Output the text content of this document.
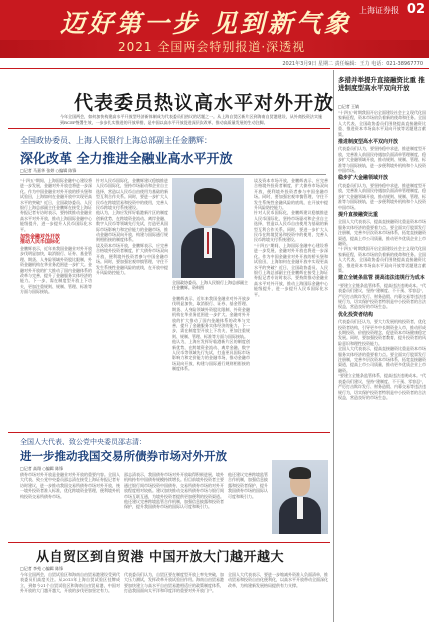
迈好第一步 见到新气象
2021 全国两会特别报道·深透视
上海证券报 02
2021年3月9日 星期二 责任编辑：王力 电话：021-38967770
代表委员热议高水平对外开放
今年全国两会，如何加快构建高水平开放型经济新体制成为代表委员们热议的话题之一。从上海自贸区新片区到海南自贸港建设，从外商投资法实施到RCEP签署生效，一步步扎实推进的开放举措，是中国以高水平开放促进深层次改革、推动高质量发展的生动注脚。
全国政协委员、上海人民银行上海总部副主任金鹏辉：
深化改革 全力推进全融业高水平开放
□记者 马嘉华 张婷 ○编辑 陈锋
"十四五"期间，上海国际金融中心建设将进一步发展，金融对外开放也将进一步深化。作为中国金融业对外开放的桥头堡和试验田，上海如何在金融开放中实现更高水平的突破？近日，全国政协委员、人民银行上海总部副主任金鹏辉在接受上海证券报记者专访时表示，要持续推动金融业高水平对外开放，推动上海国际金融中心能级提升，进一步提升人民币国际化水平。
加快金融对外开放
推动人民币国际化
金鹏辉表示，近年来我国金融业对外开放步伐明显加快，取消银行、证券、基金管理、期货、人身险领域外资股比限制，外资金融机构在华业务范围进一步扩大。金融对外开放的扩大推动了国内金融体系的改革与完善，提升了金融服务实体经济的能力。下一步，需在制度型开放上下功夫，更加注重规则、规制、管理、标准等方面与国际接轨。
针对人民币国际化，金鹏辉建议稳慎推进人民币国际化，坚持市场驱动和企业自主选择，营造以人民币自由使用为基础的新型互利合作关系。同时，要进一步扩大人民币在跨境贸易和投资中的使用，完善人民币跨境支付系统建设。
他认为，上海应发挥好临港新片区的制度创新优势，在跨境资金流动、离岸金融、数字人民币等领域先行先试，打造更具国际市场影响力和定价能力的金融市场，推动金融市场双向开放，构建与国际通行规则相衔接的制度体系。
谈及资本市场开放，金鹏辉表示，应完善合格境外投资者制度，扩大债券市场双向开放，便利境外投资者参与中国金融市场。同时，要加强宏观审慎管理，守住不发生系统性金融风险的底线，在开放中提升风险防控能力。
全国政协委员、上海人民银行上海总部副主任金鹏辉。资料图
金鹏辉表示，近年来我国金融业对外开放步伐明显加快，取消银行、证券、基金管理、期货、人身险领域外资股比限制，外资金融机构在华业务范围进一步扩大。金融对外开放的扩大推动了国内金融体系的改革与完善，提升了金融服务实体经济的能力。下一步，需在制度型开放上下功夫，更加注重规则、规制、管理、标准等方面与国际接轨。
他认为，上海应发挥好临港新片区的制度创新优势，在跨境资金流动、离岸金融、数字人民币等领域先行先试，打造更具国际市场影响力和定价能力的金融市场，推动金融市场双向开放，构建与国际通行规则相衔接的制度体系。
谈及资本市场开放，金鹏辉表示，应完善合格境外投资者制度，扩大债券市场双向开放，便利境外投资者参与中国金融市场。同时，要加强宏观审慎管理，守住不发生系统性金融风险的底线，在开放中提升风险防控能力。
针对人民币国际化，金鹏辉建议稳慎推进人民币国际化，坚持市场驱动和企业自主选择，营造以人民币自由使用为基础的新型互利合作关系。同时，要进一步扩大人民币在跨境贸易和投资中的使用，完善人民币跨境支付系统建设。
"十四五"期间，上海国际金融中心建设将进一步发展，金融对外开放也将进一步深化。作为中国金融业对外开放的桥头堡和试验田，上海如何在金融开放中实现更高水平的突破？近日，全国政协委员、人民银行上海总部副主任金鹏辉在接受上海证券报记者专访时表示，要持续推动金融业高水平对外开放，推动上海国际金融中心能级提升，进一步提升人民币国际化水平。
全国人大代表、致公党中央委员邵志清：
进一步推动我国交易所债券市场对外开放
□记者 高翔 ○编辑 陈锋
债券市场对外开放是金融业对外开放的重要内容。全国人大代表、致公党中央委员邵志清在接受上海证券报记者专访时建议，进一步推动我国交易所债券市场对外开放，统一境外投资者准入标准，优化跨境资金管理，便利境外机构投资交易所债券市场。
邵志清表示，我国债券市场对外开放取得积极进展，境外机构持有中国债券规模持续增长。但目前境外投资者主要通过银行间市场投资中国债券，交易所债券市场的对外开放程度相对较低。建议加快推动交易所债券市场与银行间市场互联互通，为境外投资者提供更加便利的投资渠道。
他还建议完善跨境监管合作机制，加强信息披露和投资者保护，提升我国债券市场的国际认可度和吸引力。
他还建议完善跨境监管合作机制，加强信息披露和投资者保护，提升我国债券市场的国际认可度和吸引力。
从自贸区到自贸港 中国开放大门越开越大
□记者 李苑 ○编辑 陈锋
今年全国两会，自贸试验区和海南自由贸易港建设受到代表委员们高度关注。从2013年上海自贸试验区挂牌成立，到如今21个自贸试验区和海南自由贸易港，中国对外开放的大门越开越大，开放的步伐更加坚定有力。
代表委员们认为，自贸区要在制度型开放上率先突破，加大压力测试，发挥改革开放试验田作用。海南自由贸易港要加快建立与高水平自由贸易港相适应的政策制度体系，打造我国面向太平洋和印度洋的重要对外开放门户。
全国人大代表表示，要进一步缩减外资准入负面清单，推动贸易和投资自由化便利化，以高水平开放带动全面深化改革，为构建新发展格局提供有力支撑。
多措并举提升直接融资比重 推进制度型高水平双向开放
□记者 王婧
"十四五"时期我国开启全面建设社会主义现代化国家新征程，资本市场肩负着新的使命和任务。全国人大代表、全国政协委员们围绕提高直接融资比重、推进资本市场高水平双向开放等话题建言献策。
推进制度型高水平双向开放
代表委员们认为，要坚持稳中求进，推进制度型开放，完善准入前国民待遇加负面清单管理制度，稳步扩大金融领域开放，推动规则、规制、管理、标准等与国际接轨，进一步便利境外机构和个人投资中国市场。
稳步扩大金融领域开放
代表委员们认为，要坚持稳中求进，推进制度型开放，完善准入前国民待遇加负面清单管理制度，稳步扩大金融领域开放，推动规则、规制、管理、标准等与国际接轨，进一步便利境外机构和个人投资中国市场。
提升直接融资比重
全国人大代表表示，提高直接融资比重是资本市场服务实体经济的重要着力点。要全面实行股票发行注册制，完善多层次资本市场体系，拓宽直接融资渠道，提高上市公司质量，推动更多优质企业上市融资。
"十四五"时期我国开启全面建设社会主义现代化国家新征程，资本市场肩负着新的使命和任务。全国人大代表、全国政协委员们围绕提高直接融资比重、推进资本市场高水平双向开放等话题建言献策。
建立全链条监管 提高违法违规行为成本
"要建立全链条监管体系，提高违法违规成本。"代表委员们建议，坚持"建制度、不干预、零容忍"，严厉打击欺诈发行、财务造假、内幕交易等违法违规行为，切实保护投资者特别是中小投资者的合法权益，营造良好的市场生态。
优化投资者结构
代表委员们还认为，要大力发展机构投资者，优化投资者结构，引导更多中长期资金入市，推动形成长期投资、价值投资理念，促进资本市场健康稳定发展。同时，要加强投资者教育，提升投资者的风险意识和理性投资能力。
全国人大代表表示，提高直接融资比重是资本市场服务实体经济的重要着力点。要全面实行股票发行注册制，完善多层次资本市场体系，拓宽直接融资渠道，提高上市公司质量，推动更多优质企业上市融资。
"要建立全链条监管体系，提高违法违规成本。"代表委员们建议，坚持"建制度、不干预、零容忍"，严厉打击欺诈发行、财务造假、内幕交易等违法违规行为，切实保护投资者特别是中小投资者的合法权益，营造良好的市场生态。
